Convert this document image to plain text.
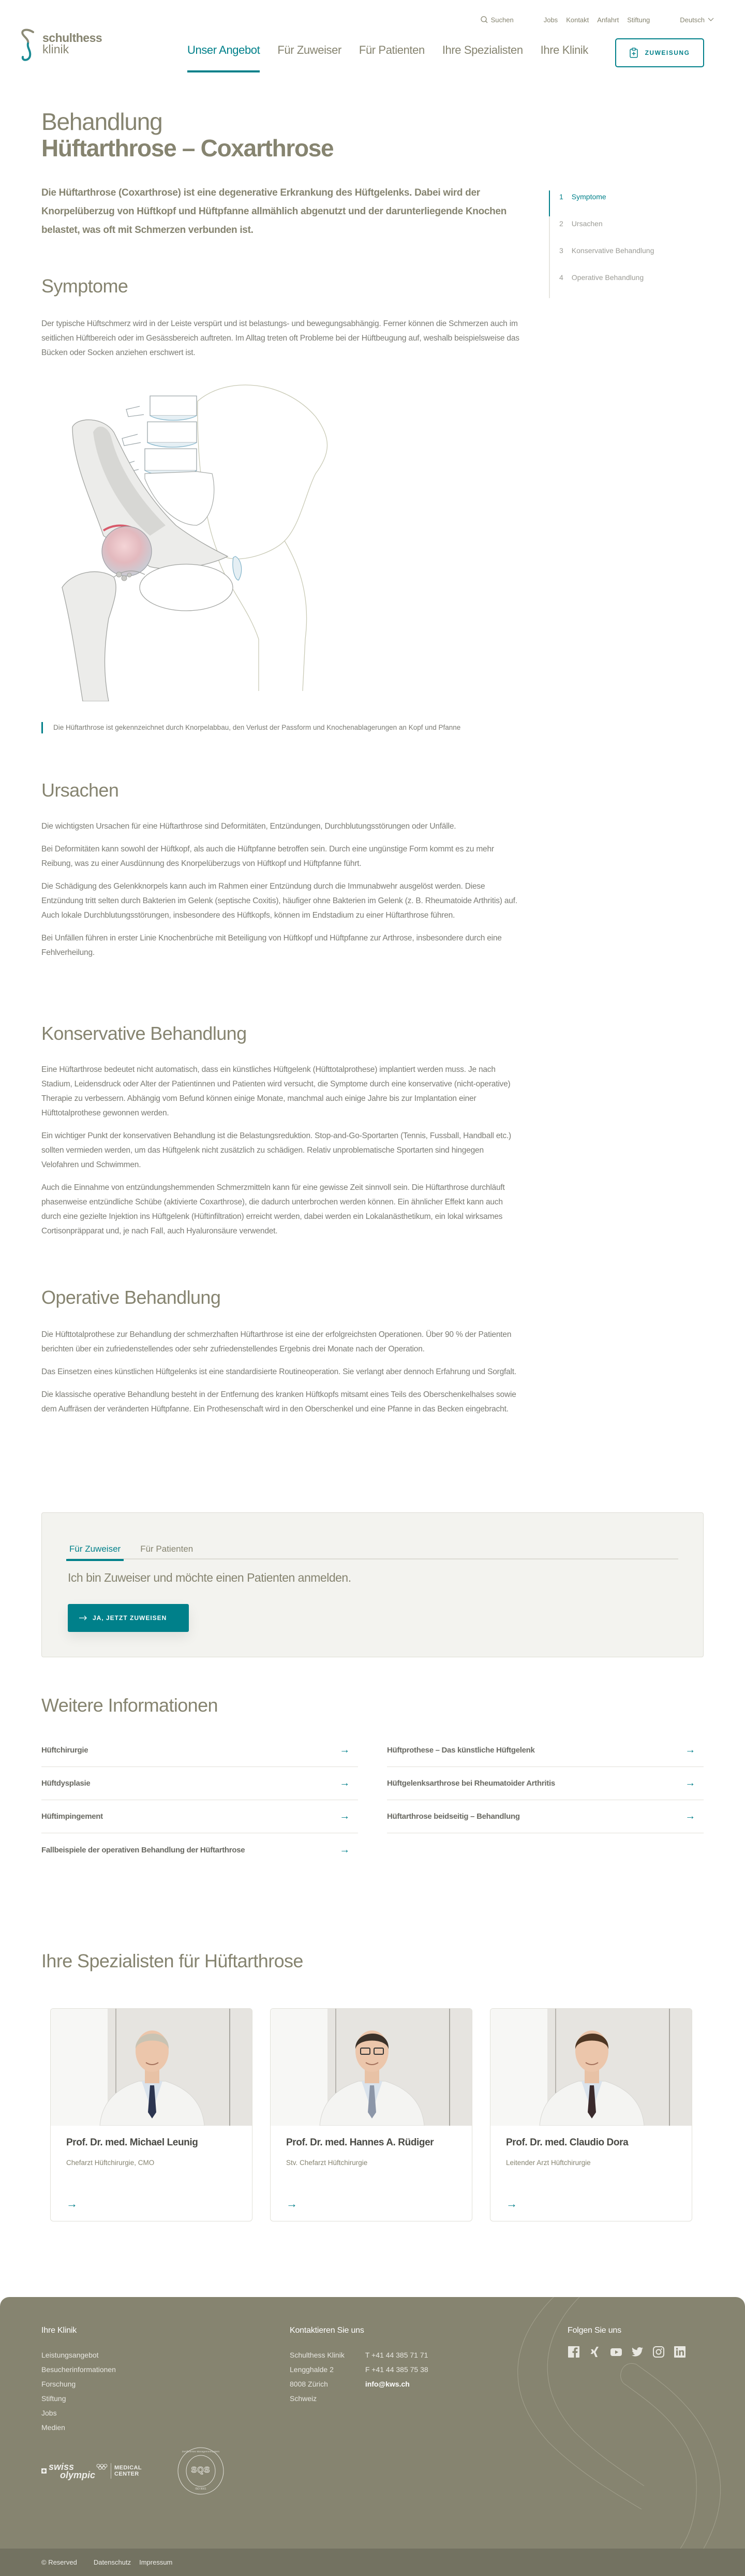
schulthess
klinik
Suchen	Jobs Kontakt Anfahrt Stiftung	Deutsch
Unser Angebot Für Zuweiser Für Patienten Ihre Spezialisten Ihre Klinik	ZUWEISUNG
Behandlung
Hüftarthrose – Coxarthrose

Die Hüftarthrose (Coxarthrose) ist eine degenerative Erkrankung des Hüftgelenks. Dabei wird der Knorpelüberzug von Hüftkopf und Hüftpfanne allmählich abgenutzt und der darunterliegende Knochen belastet, was oft mit Schmerzen verbunden ist.

1 Symptome
2 Ursachen
3 Konservative Behandlung
4 Operative Behandlung
Symptome

Der typische Hüftschmerz wird in der Leiste verspürt und ist belastungs- und bewegungsabhängig. Ferner können die Schmerzen auch im seitlichen Hüftbereich oder im Gesässbereich auftreten. Im Alltag treten oft Probleme bei der Hüftbeugung auf, weshalb beispielsweise das Bücken oder Socken anziehen erschwert ist.

Die Hüftarthrose ist gekennzeichnet durch Knorpelabbau, den Verlust der Passform und Knochenablagerungen an Kopf und Pfanne

Ursachen

Die wichtigsten Ursachen für eine Hüftarthrose sind Deformitäten, Entzündungen, Durchblutungsstörungen oder Unfälle.

Bei Deformitäten kann sowohl der Hüftkopf, als auch die Hüftpfanne betroffen sein. Durch eine ungünstige Form kommt es zu mehr Reibung, was zu einer Ausdünnung des Knorpelüberzugs von Hüftkopf und Hüftpfanne führt.

Die Schädigung des Gelenkknorpels kann auch im Rahmen einer Entzündung durch die Immunabwehr ausgelöst werden. Diese Entzündung tritt selten durch Bakterien im Gelenk (septische Coxitis), häufiger ohne Bakterien im Gelenk (z. B. Rheumatoide Arthritis) auf. Auch lokale Durchblutungsstörungen, insbesondere des Hüftkopfs, können im Endstadium zu einer Hüftarthrose führen.

Bei Unfällen führen in erster Linie Knochenbrüche mit Beteiligung von Hüftkopf und Hüftpfanne zur Arthrose, insbesondere durch eine Fehlverheilung.

Konservative Behandlung

Eine Hüftarthrose bedeutet nicht automatisch, dass ein künstliches Hüftgelenk (Hüfttotalprothese) implantiert werden muss. Je nach Stadium, Leidensdruck oder Alter der Patientinnen und Patienten wird versucht, die Symptome durch eine konservative (nicht-operative) Therapie zu verbessern. Abhängig vom Befund können einige Monate, manchmal auch einige Jahre bis zur Implantation einer Hüfttotalprothese gewonnen werden.

Ein wichtiger Punkt der konservativen Behandlung ist die Belastungsreduktion. Stop-and-Go-Sportarten (Tennis, Fussball, Handball etc.) sollten vermieden werden, um das Hüftgelenk nicht zusätzlich zu schädigen. Relativ unproblematische Sportarten sind hingegen Velofahren und Schwimmen.

Auch die Einnahme von entzündungshemmenden Schmerzmitteln kann für eine gewisse Zeit sinnvoll sein. Die Hüftarthrose durchläuft phasenweise entzündliche Schübe (aktivierte Coxarthrose), die dadurch unterbrochen werden können. Ein ähnlicher Effekt kann auch durch eine gezielte Injektion ins Hüftgelenk (Hüftinfiltration) erreicht werden, dabei werden ein Lokalanästhetikum, ein lokal wirksames Cortisonpräpparat und, je nach Fall, auch Hyaluronsäure verwendet.

Operative Behandlung

Die Hüfttotalprothese zur Behandlung der schmerzhaften Hüftarthrose ist eine der erfolgreichsten Operationen. Über 90 % der Patienten berichten über ein zufriedenstellendes oder sehr zufriedenstellendes Ergebnis drei Monate nach der Operation.

Das Einsetzen eines künstlichen Hüftgelenks ist eine standardisierte Routineoperation. Sie verlangt aber dennoch Erfahrung und Sorgfalt.

Die klassische operative Behandlung besteht in der Entfernung des kranken Hüftkopfs mitsamt eines Teils des Oberschenkelhalses sowie dem Auffräsen der veränderten Hüftpfanne. Ein Prothesenschaft wird in den Oberschenkel und eine Pfanne in das Becken eingebracht.

Für Zuweiser Für Patienten

Ich bin Zuweiser und möchte einen Patienten anmelden.

JA, JETZT ZUWEISEN
Weitere Informationen
Hüftchirurgie	→
Hüftdysplasie	→
Hüftimpingement	→
Fallbeispiele der operativen Behandlung der Hüftarthrose	→
Hüftprothese – Das künstliche Hüftgelenk	→
Hüftgelenksarthrose bei Rheumatoider Arthritis	→
Hüftarthrose beidseitig – Behandlung	→
Ihre Spezialisten für Hüftarthrose
Prof. Dr. med. Michael Leunig
Chefarzt Hüftchirurgie, CMO
→
Prof. Dr. med. Hannes A. Rüdiger
Stv. Chefarzt Hüftchirurgie
→
Prof. Dr. med. Claudio Dora
Leitender Arzt Hüftchirurgie
→
Ihre Klinik
Leistungsangebot
Besucherinformationen
Forschung
Stiftung
Jobs
Medien
Kontaktieren Sie uns
Schulthess Klinik
Lengghalde 2
8008 Zürich
Schweiz
T +41 44 385 71 71
F +41 44 385 75 38
info@kws.ch
Folgen Sie uns
swiss
olympic
MEDICAL
CENTER
Zertifiziertes Managementsystem
SQS
ISO 9001
© Reserved Datenschutz Impressum
